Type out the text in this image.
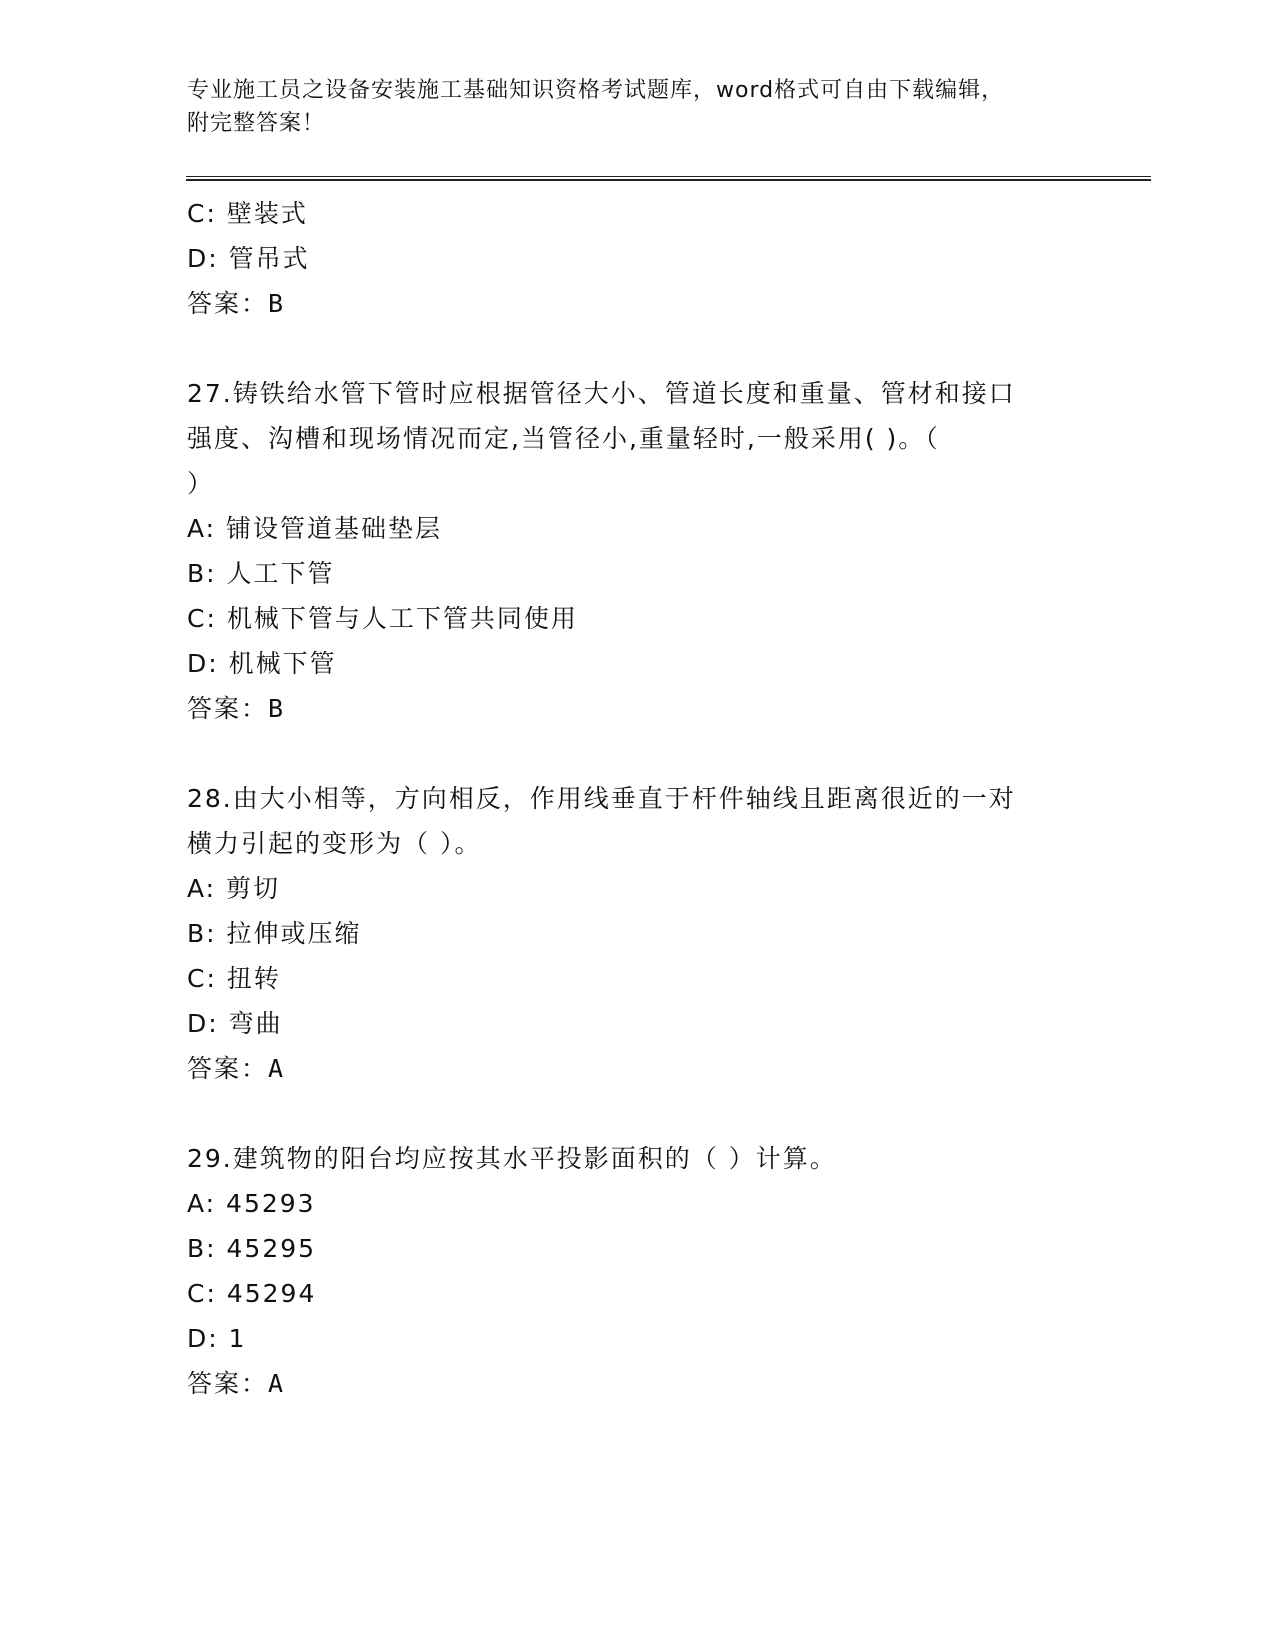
专业施工员之设备安装施工基础知识资格考试题库，word格式可自由下载编辑，
附完整答案！
C: 壁装式
D: 管吊式
答案：B
27.铸铁给水管下管时应根据管径大小、管道长度和重量、管材和接口
强度、沟槽和现场情况而定,当管径小,重量轻时,一般采用( )。（
）
A: 铺设管道基础垫层
B: 人工下管
C: 机械下管与人工下管共同使用
D: 机械下管
答案：B
28.由大小相等，方向相反，作用线垂直于杆件轴线且距离很近的一对
横力引起的变形为（ ）。
A: 剪切
B: 拉伸或压缩
C: 扭转
D: 弯曲
答案：A
29.建筑物的阳台均应按其水平投影面积的（ ）计算。
A: 45293
B: 45295
C: 45294
D: 1
答案：A
